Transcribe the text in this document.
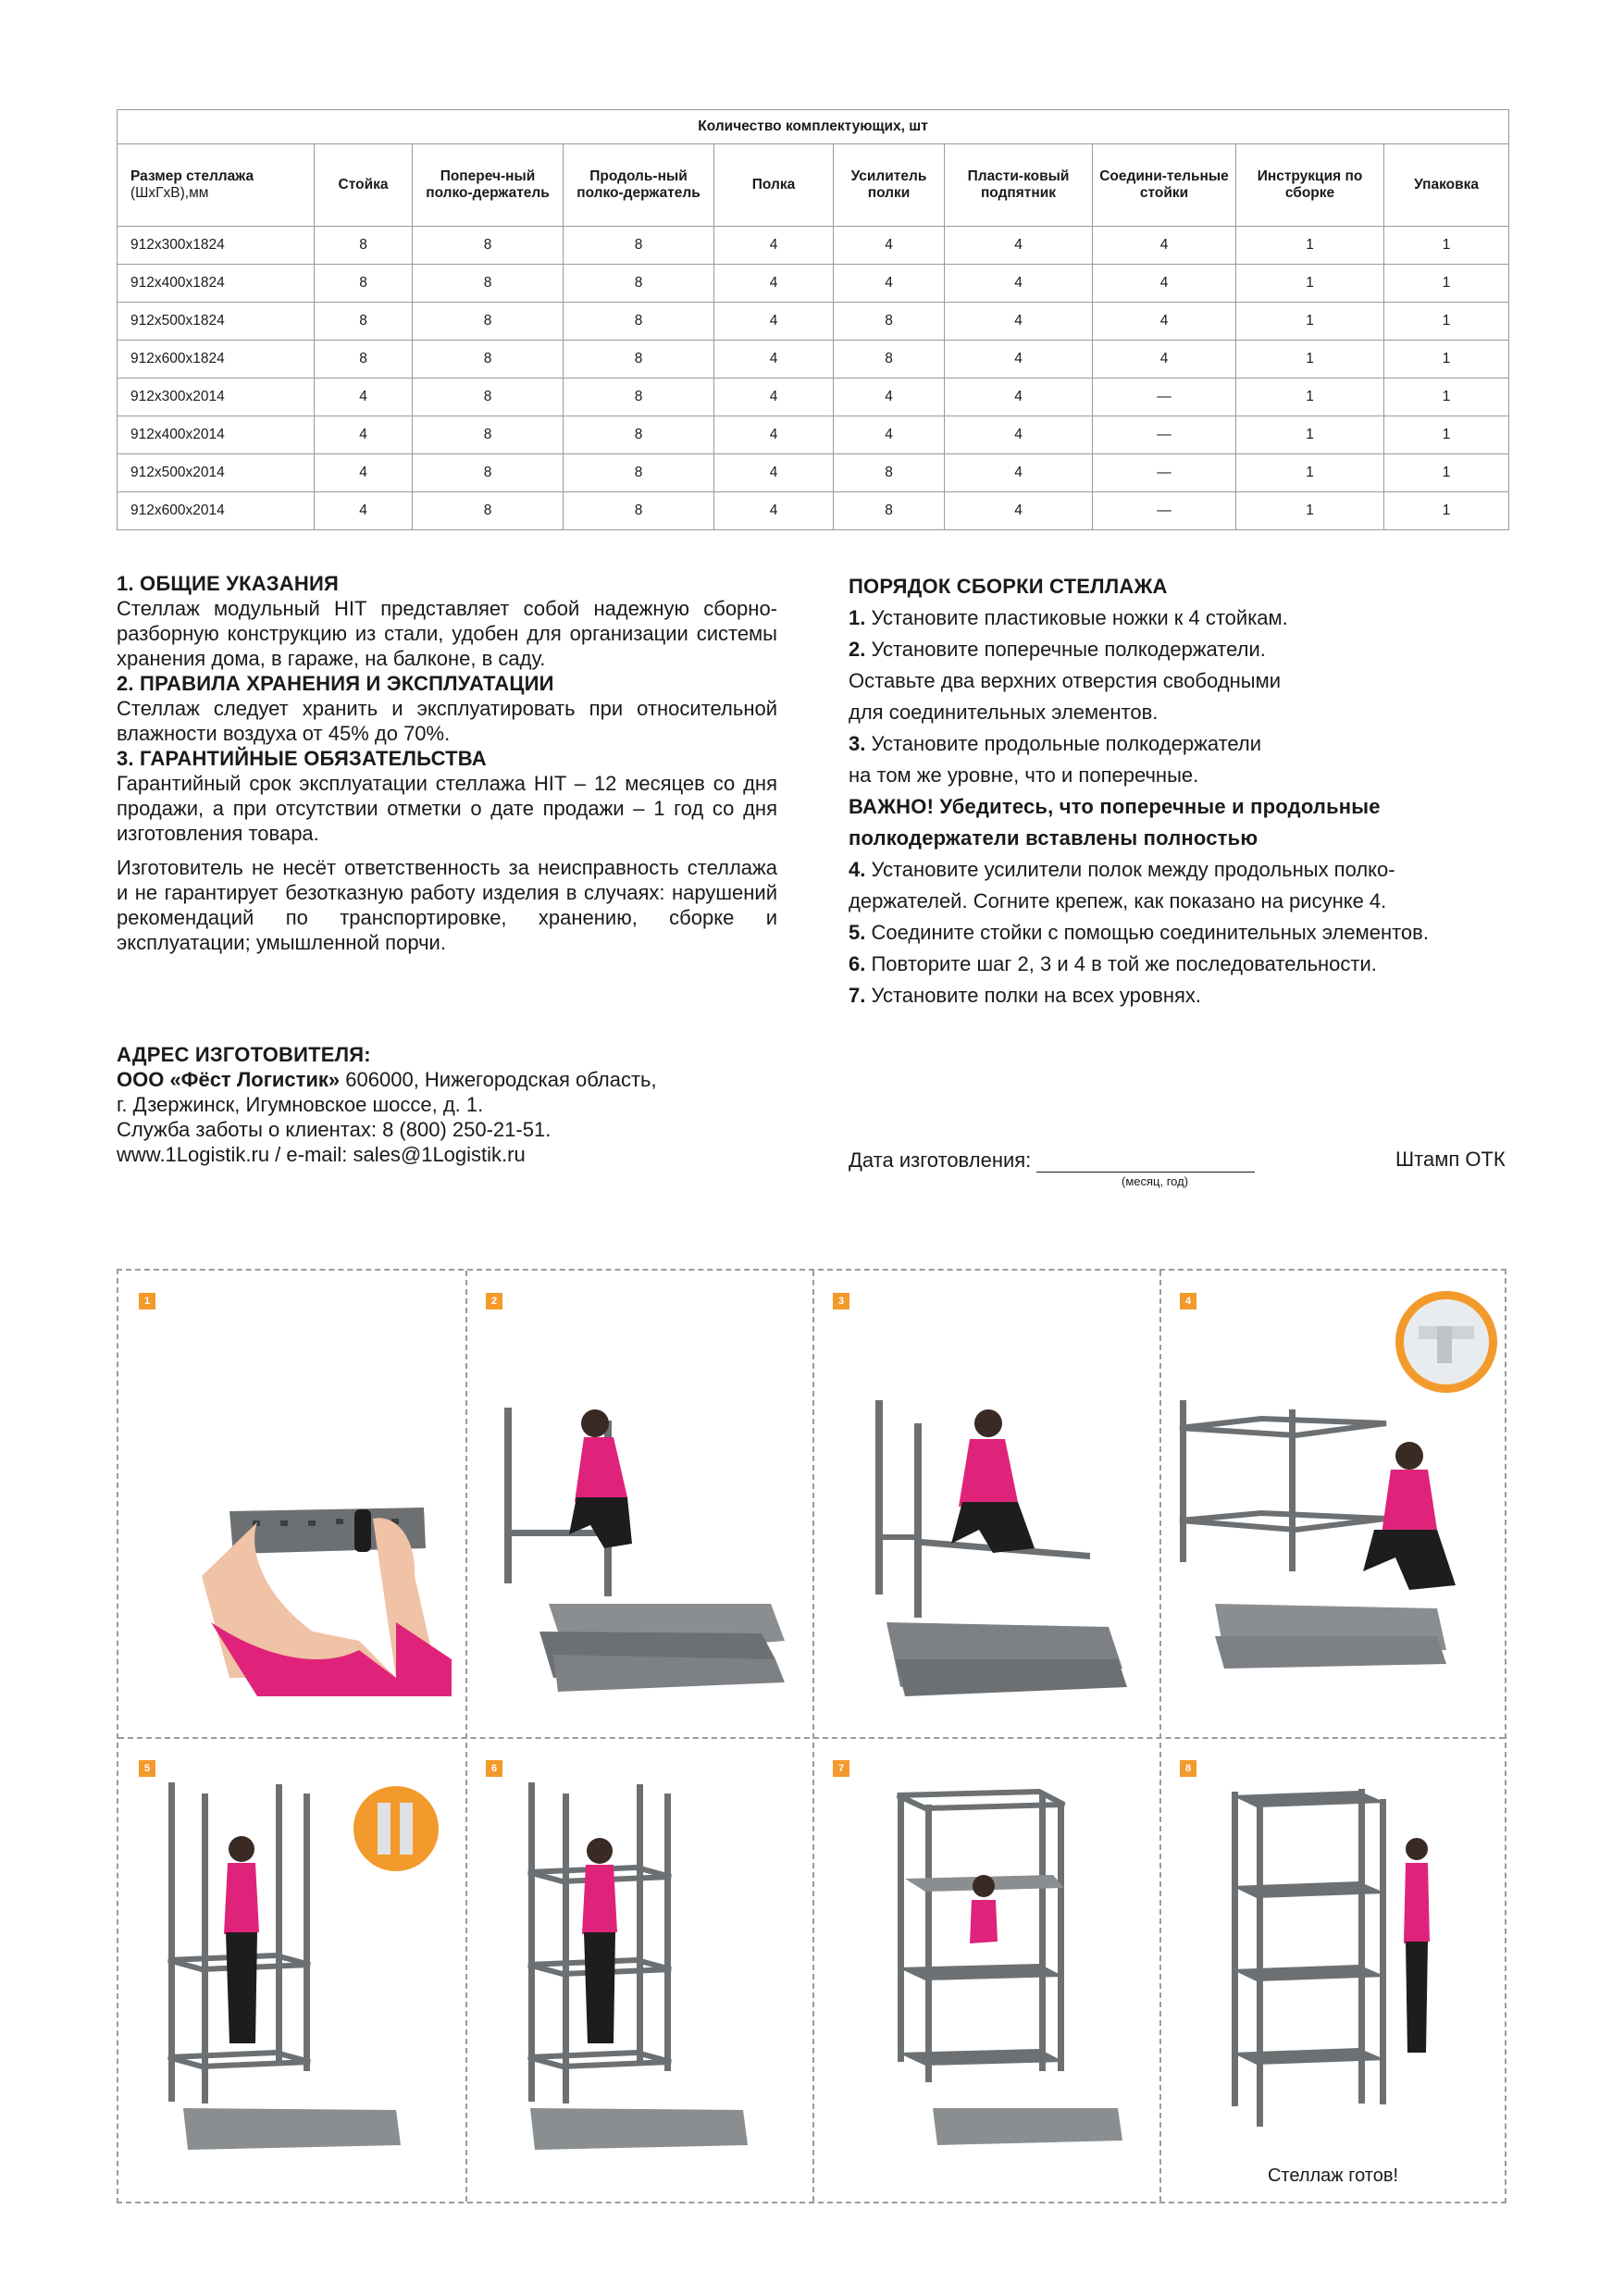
Количество комплектующих, шт									
Размер стеллажа
(ШхГхВ),мм	Стойка	Попереч-ный полко-держатель	Продоль-ный полко-держатель	Полка	Усилитель полки	Пласти-ковый подпятник	Соедини-тельные стойки	Инструкция по сборке	Упаковка
912x300x1824	8	8	8	4	4	4	4	1	1
912x400x1824	8	8	8	4	4	4	4	1	1
912x500x1824	8	8	8	4	8	4	4	1	1
912x600x1824	8	8	8	4	8	4	4	1	1
912x300x2014	4	8	8	4	4	4	—	1	1
912x400x2014	4	8	8	4	4	4	—	1	1
912x500x2014	4	8	8	4	8	4	—	1	1
912x600x2014	4	8	8	4	8	4	—	1	1

1. ОБЩИЕ УКАЗАНИЯ

Стеллаж модульный HIT представляет собой надежную сборно-разборную конструкцию из стали, удобен для организации системы хранения дома, в гараже, на балконе, в саду.

2. ПРАВИЛА ХРАНЕНИЯ И ЭКСПЛУАТАЦИИ

Стеллаж следует хранить и эксплуатировать при относительной влажности воздуха от 45% до 70%.

3. ГАРАНТИЙНЫЕ ОБЯЗАТЕЛЬСТВА

Гарантийный срок эксплуатации стеллажа HIT – 12 месяцев со дня продажи, а при отсутствии отметки о дате продажи – 1 год со дня изготовления товара.

Изготовитель не несёт ответственность за неисправность стеллажа и не гарантирует безотказную работу изделия в случаях: нарушений рекомендаций по транспортировке, хранению, сборке и эксплуатации; умышленной порчи.

ПОРЯДОК СБОРКИ СТЕЛЛАЖА

1. Установите пластиковые ножки к 4 стойкам.

2. Установите поперечные полкодержатели.

Оставьте два верхних отверстия свободными

для соединительных элементов.

3. Установите продольные полкодержатели

на том же уровне, что и поперечные.

ВАЖНО! Убедитесь, что поперечные и продольные

полкодержатели вставлены полностью

4. Установите усилители полок между продольных полко-

держателей. Согните крепеж, как показано на рисунке 4.

5. Соедините стойки с помощью соединительных элементов.

6. Повторите шаг 2, 3 и 4 в той же последовательности.

7. Установите полки на всех уровнях.

АДРЕС ИЗГОТОВИТЕЛЯ:

ООО «Фёст Логистик» 606000, Нижегородская область,

г. Дзержинск, Игумновское шоссе, д. 1.

Служба заботы о клиентах: 8 (800) 250-21-51.

www.1Logistik.ru / e-mail: sales@1Logistik.ru	Дата изготовления:
(месяц, год)
Штамп ОТК
1	2	3	4
5	6	7	8
Стеллаж готов!
